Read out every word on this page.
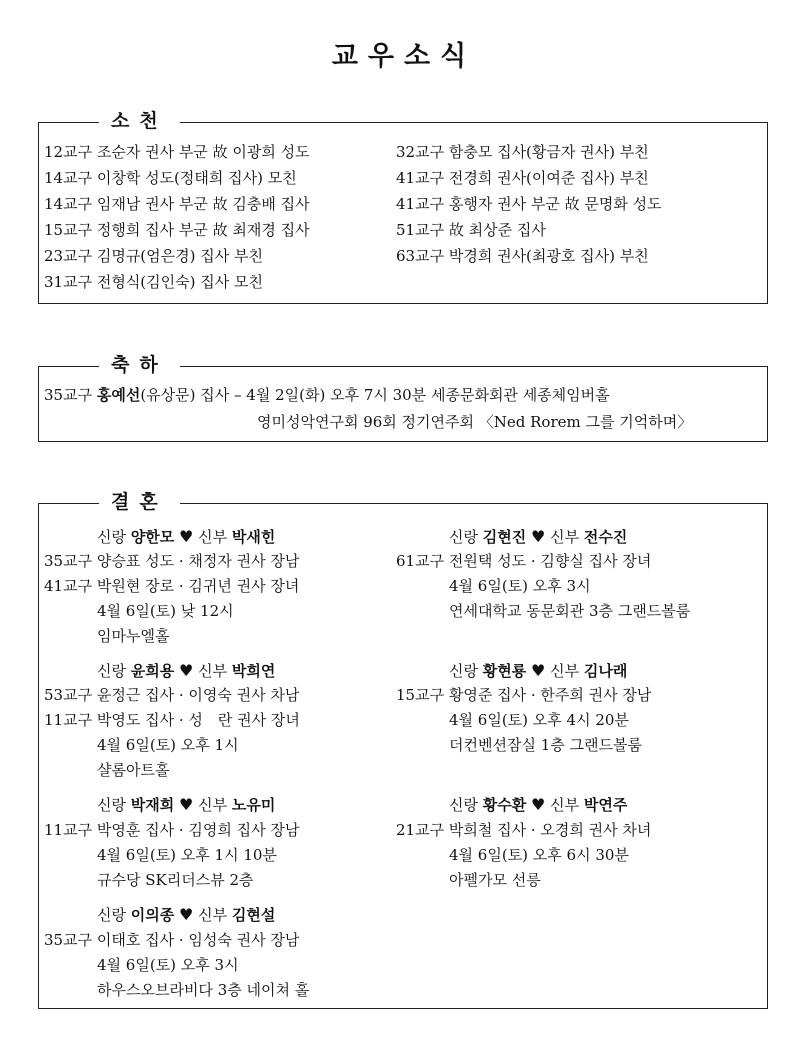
교우소식
소천
12교구 조순자 권사 부군 故 이광희 성도
14교구 이창학 성도(정태희 집사) 모친
14교구 임재남 권사 부군 故 김충배 집사
15교구 정행희 집사 부군 故 최재경 집사
23교구 김명규(엄은경) 집사 부친
31교구 전형식(김인숙) 집사 모친
32교구 함충모 집사(황금자 권사) 부친
41교구 전경희 권사(이여준 집사) 부친
41교구 홍행자 권사 부군 故 문명화 성도
51교구 故 최상준 집사
63교구 박경희 권사(최광호 집사) 부친
축하
35교구 홍예선(유상문) 집사 – 4월 2일(화) 오후 7시 30분 세종문화회관 세종체임버홀
영미성악연구회 96회 정기연주회 〈Ned Rorem 그를 기억하며〉
결혼
신랑 양한모 ♥ 신부 박새힌
35교구 양승표 성도 · 채정자 권사 장남
41교구 박원현 장로 · 김귀년 권사 장녀
4월 6일(토) 낮 12시
임마누엘홀
신랑 김현진 ♥ 신부 전수진
61교구 전원택 성도 · 김향실 집사 장녀
4월 6일(토) 오후 3시
연세대학교 동문회관 3층 그랜드볼룸
신랑 윤희용 ♥ 신부 박희연
53교구 윤정근 집사 · 이영숙 권사 차남
11교구 박영도 집사 · 성　란 권사 장녀
4월 6일(토) 오후 1시
샬롬아트홀
신랑 황현룡 ♥ 신부 김나래
15교구 황영준 집사 · 한주희 권사 장남
4월 6일(토) 오후 4시 20분
더컨벤션잠실 1층 그랜드볼룸
신랑 박재희 ♥ 신부 노유미
11교구 박영훈 집사 · 김영희 집사 장남
4월 6일(토) 오후 1시 10분
규수당 SK리더스뷰 2층
신랑 황수환 ♥ 신부 박연주
21교구 박희철 집사 · 오경희 권사 차녀
4월 6일(토) 오후 6시 30분
아펠가모 선릉
신랑 이의종 ♥ 신부 김현설
35교구 이태호 집사 · 임성숙 권사 장남
4월 6일(토) 오후 3시
하우스오브라비다 3층 네이쳐 홀
